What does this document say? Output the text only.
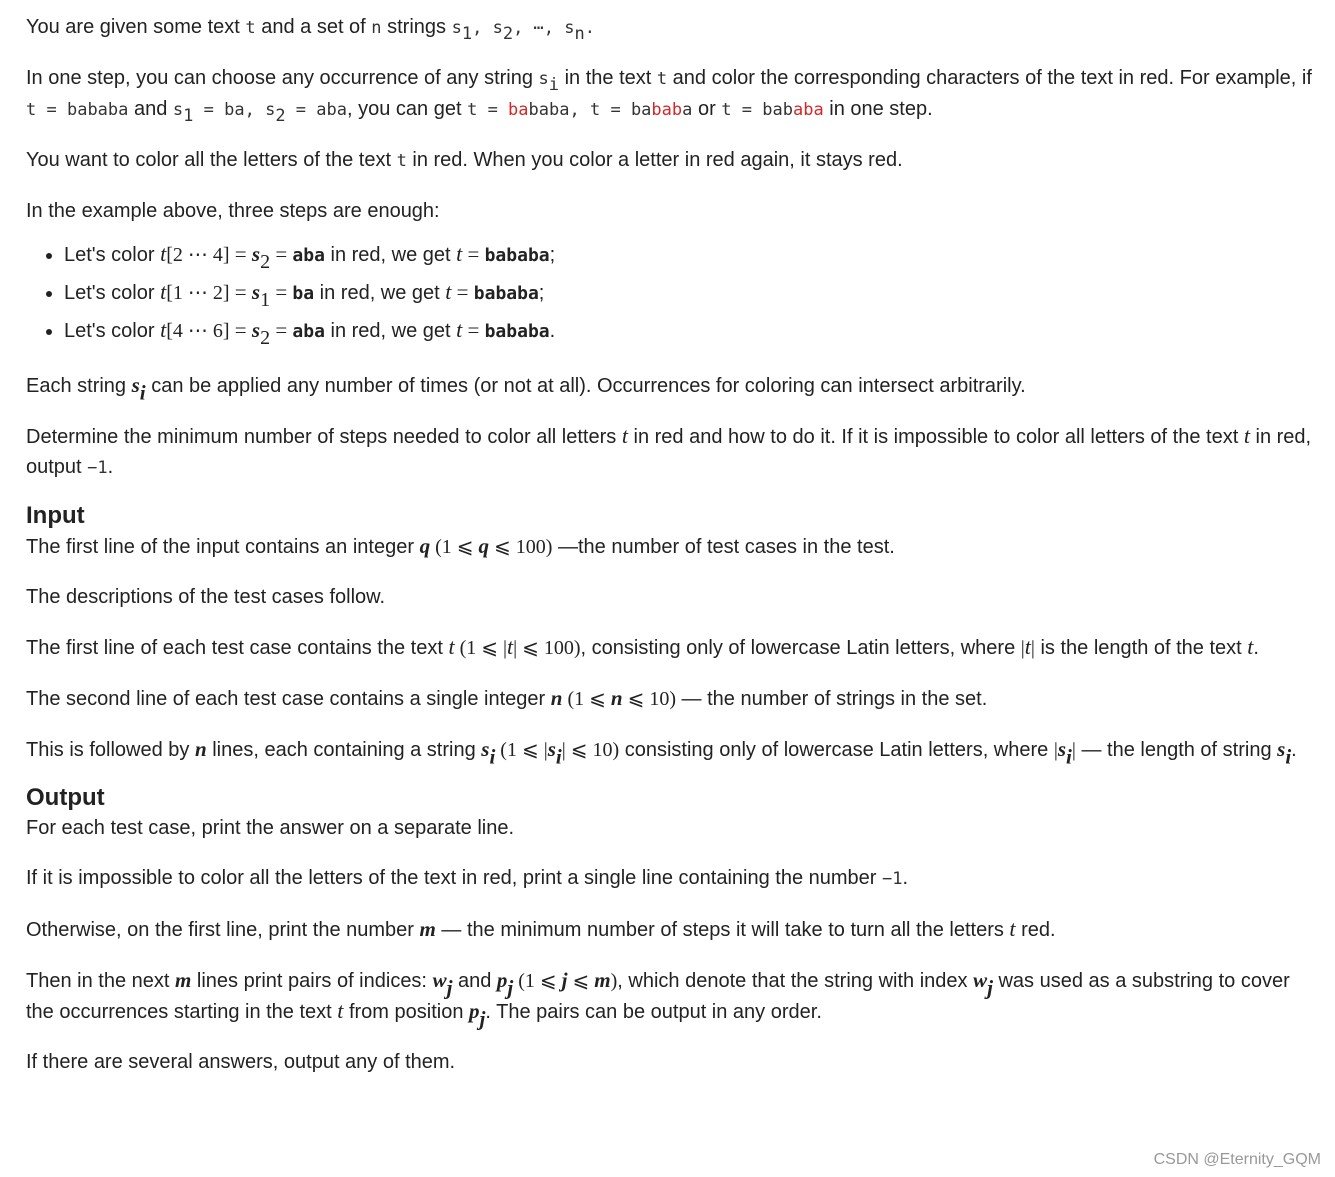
You are given some text t and a set of n strings $s_1$, $s_2$, ⋯, $s_n$.

In one step, you can choose any occurrence of any string $s_i$ in the text t and color the corresponding characters of the text in red. For example, if t = bababa and $s_1$ = ba, $s_2$ = aba, you can get t = bababa, t = bababa or t = bababa in one step.

You want to color all the letters of the text t in red. When you color a letter in red again, it stays red.

In the example above, three steps are enough:

• Let's color t[2 ⋯ $4] = s_2$ = aba in red, we get t = bababa;
• Let's color t[1 ⋯ $2] = s_1$ = ba in red, we get t = bababa;
• Let's color t[4 ⋯ $6] = s_2$ = aba in red, we get t = bababa.

Each string $s_i$ can be applied any number of times (or not at all). Occurrences for coloring can intersect arbitrarily.

Determine the minimum number of steps needed to color all letters t in red and how to do it. If it is impossible to color all letters of the text t in red, output −1.

Input

The first line of the input contains an integer q (1 ⩽ q ⩽ 100) —the number of test cases in the test.

The descriptions of the test cases follow.

The first line of each test case contains the text t (1 ⩽ |t| ⩽ 100), consisting only of lowercase Latin letters, where |t| is the length of the text t.

The second line of each test case contains a single integer n (1 ⩽ n ⩽ 10) — the number of strings in the set.

This is followed by n lines, each containing a string $s_i$ (1 ⩽ $|s_i|$ ⩽ 10) consisting only of lowercase Latin letters, where $|s_i|$ — the length of string $s_i$.

Output

For each test case, print the answer on a separate line.

If it is impossible to color all the letters of the text in red, print a single line containing the number −1.

Otherwise, on the first line, print the number m — the minimum number of steps it will take to turn all the letters t red.

Then in the next m lines print pairs of indices: $w_j$ and $p_j$ (1 ⩽ j ⩽ m), which denote that the string with index $w_j$ was used as a substring to cover the occurrences starting in the text t from position $p_j$. The pairs can be output in any order.

If there are several answers, output any of them.

CSDN @Eternity_GQM
